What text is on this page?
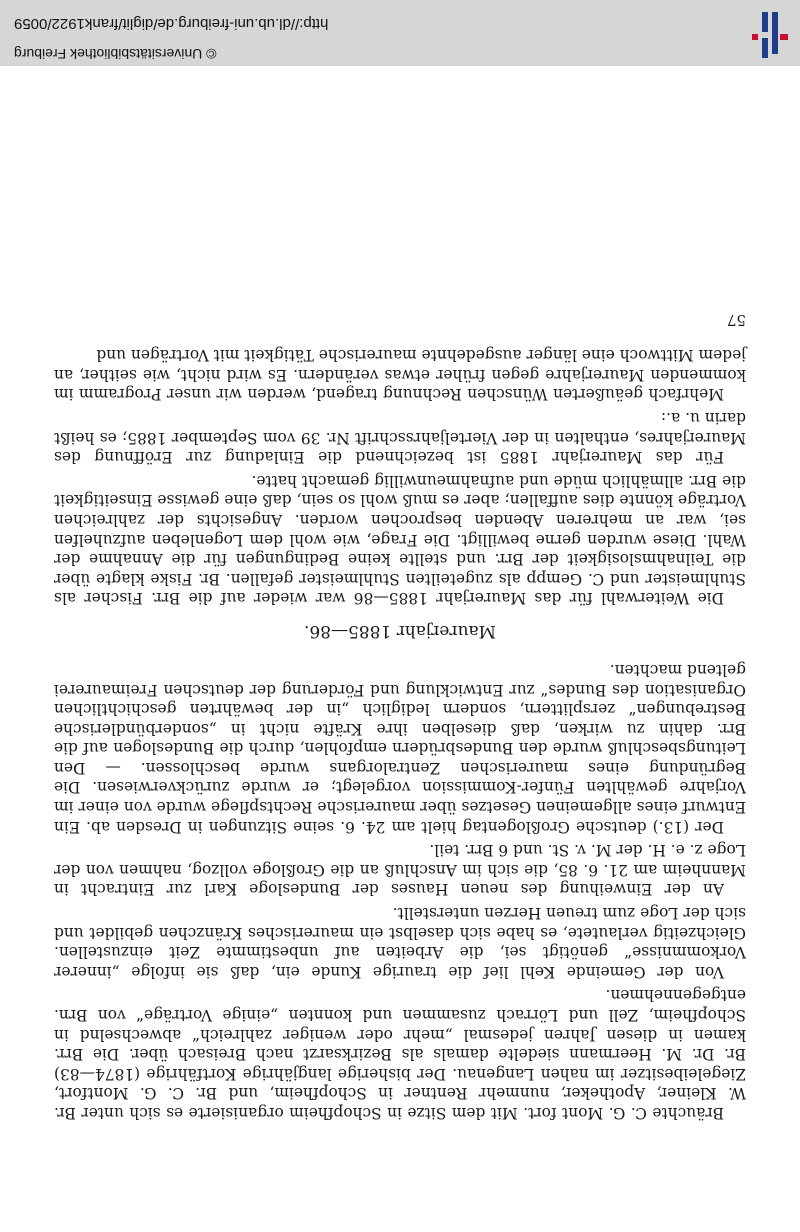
Bräuchte C. G. Mont fort. Mit dem Sitze in Schopfheim organisierte es sich unter Br. W. Kleiner, Apotheker, nunmehr Rentner in Schopfheim, und Br. C. G. Montfort, Ziegeleibesitzer im nahen Langenau. Der bisherige langjährige Kortfährige (1874—83) Br. Dr. M. Heermann siedelte damals als Bezirksarzt nach Breisach über. Die Brr. kamen in diesen Jahren jedesmal „mehr oder weniger zahlreich“ abwechselnd in Schopfheim, Zell und Lörrach zusammen und konnten „einige Vorträge“ von Brn. entgegennehmen.

Von der Gemeinde Kehl lief die traurige Kunde ein, daß sie infolge „innerer Vorkommnisse“ genötigt sei, die Arbeiten auf unbestimmte Zeit einzustellen. Gleichzeitig verlautete, es habe sich daselbst ein maurerisches Kränzchen gebildet und sich der Loge zum treuen Herzen unterstellt.

An der Einweihung des neuen Hauses der Bundesloge Karl zur Eintracht in Mannheim am 21. 6. 85, die sich im Anschluß an die Großloge vollzog, nahmen von der Loge z. e. H. der M. v. St. und 6 Brr. teil.

Der (13.) deutsche Großlogentag hielt am 24. 6. seine Sitzungen in Dresden ab. Ein Entwurf eines allgemeinen Gesetzes über maurerische Rechtspflege wurde von einer im Vorjahre gewählten Fünfer-Kommission vorgelegt; er wurde zurückverwiesen. Die Begründung eines maurerischen Zentralorgans wurde beschlossen. — Den Leitungsbeschluß wurde den Bundesbrüdern empfohlen, durch die Bundeslogen auf die Brr. dahin zu wirken, daß dieselben ihre Kräfte nicht in „sonderbündlerische Bestrebungen“ zersplittern, sondern lediglich „in der bewährten geschichtlichen Organisation des Bundes“ zur Entwicklung und Förderung der deutschen Freimaurerei geltend machten.

Maurerjahr 1885—86.

Die Weiterwahl für das Maurerjahr 1885—86 war wieder auf die Brr. Fischer als Stuhlmeister und C. Gempp als zugeteilten Stuhlmeister gefallen. Br. Fiske klagte über die Teilnahmslosigkeit der Brr. und stellte keine Bedingungen für die Annahme der Wahl. Diese wurden gerne bewilligt. Die Frage, wie wohl dem Logenleben aufzuhelfen sei, war an mehreren Abenden besprochen worden. Angesichts der zahlreichen Vorträge könnte dies auffallen; aber es muß wohl so sein, daß eine gewisse Einseitigkeit die Brr. allmählich müde und aufnahmeunwillig gemacht hatte.

Für das Maurerjahr 1885 ist bezeichnend die Einladung zur Eröffnung des Maurerjahres, enthalten in der Vierteljahrsschrift Nr. 39 vom September 1885; es heißt darin u. a.:

Mehrfach geäußerten Wünschen Rechnung tragend, werden wir unser Programm im kommenden Maurerjahre gegen früher etwas verändern. Es wird nicht, wie seither, an jedem Mittwoch eine länger ausgedehnte maurerische Tätigkeit mit Vorträgen und

57
http://dl.ub.uni-freiburg.de/diglit/frank1922/0059
© Universitätsbibliothek Freiburg
